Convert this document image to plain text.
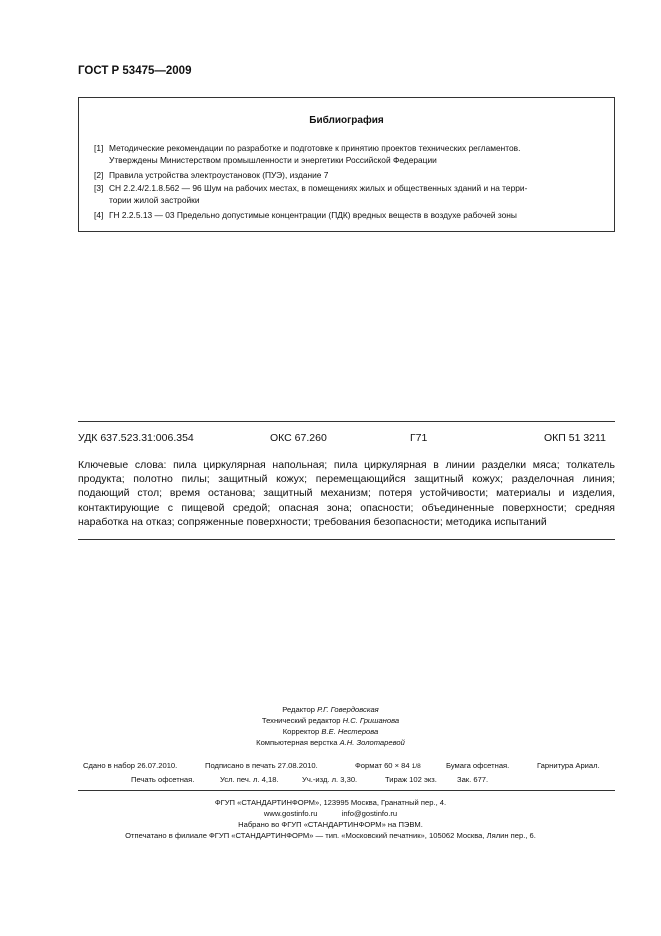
ГОСТ Р 53475—2009
Библиография
[1] Методические рекомендации по разработке и подготовке к принятию проектов технических регламентов.
Утверждены Министерством промышленности и энергетики Российской Федерации
[2] Правила устройства электроустановок (ПУЭ), издание 7
[3] СН 2.2.4/2.1.8.562 — 96 Шум на рабочих местах, в помещениях жилых и общественных зданий и на терри-
тории жилой застройки
[4] ГН 2.2.5.13 — 03 Предельно допустимые концентрации (ПДК) вредных веществ в воздухе рабочей зоны
УДК 637.523.31:006.354	ОКС 67.260	Г71	ОКП 51 3211
Ключевые слова: пила циркулярная напольная; пила циркулярная в линии разделки мяса; толкатель продукта; полотно пилы; защитный кожух; перемещающийся защитный кожух; разделочная линия; подающий стол; время останова; защитный механизм; потеря устойчивости; материалы и изделия, контактирующие с пищевой средой; опасная зона; опасности; объединенные поверхности; средняя наработка на отказ; сопряженные поверхности; требования безопасности; методика испытаний
Редактор Р.Г. Говердовская
Технический редактор Н.С. Гришанова
Корректор В.Е. Нестерова
Компьютерная верстка А.Н. Золотаревой
Сдано в набор 26.07.2010.	Подписано в печать 27.08.2010.	Формат 60 × 84 1/8	Бумага офсетная.	Гарнитура Ариал.
Печать офсетная.	Усл. печ. л. 4,18.	Уч.-изд. л. 3,30.	Тираж 102 экз.	Зак. 677.
ФГУП «СТАНДАРТИНФОРМ», 123995 Москва, Гранатный пер., 4.
www.gostinfo.ru	info@gostinfo.ru
Набрано во ФГУП «СТАНДАРТИНФОРМ» на ПЭВМ.
Отпечатано в филиале ФГУП «СТАНДАРТИНФОРМ» — тип. «Московский печатник», 105062 Москва, Лялин пер., 6.
